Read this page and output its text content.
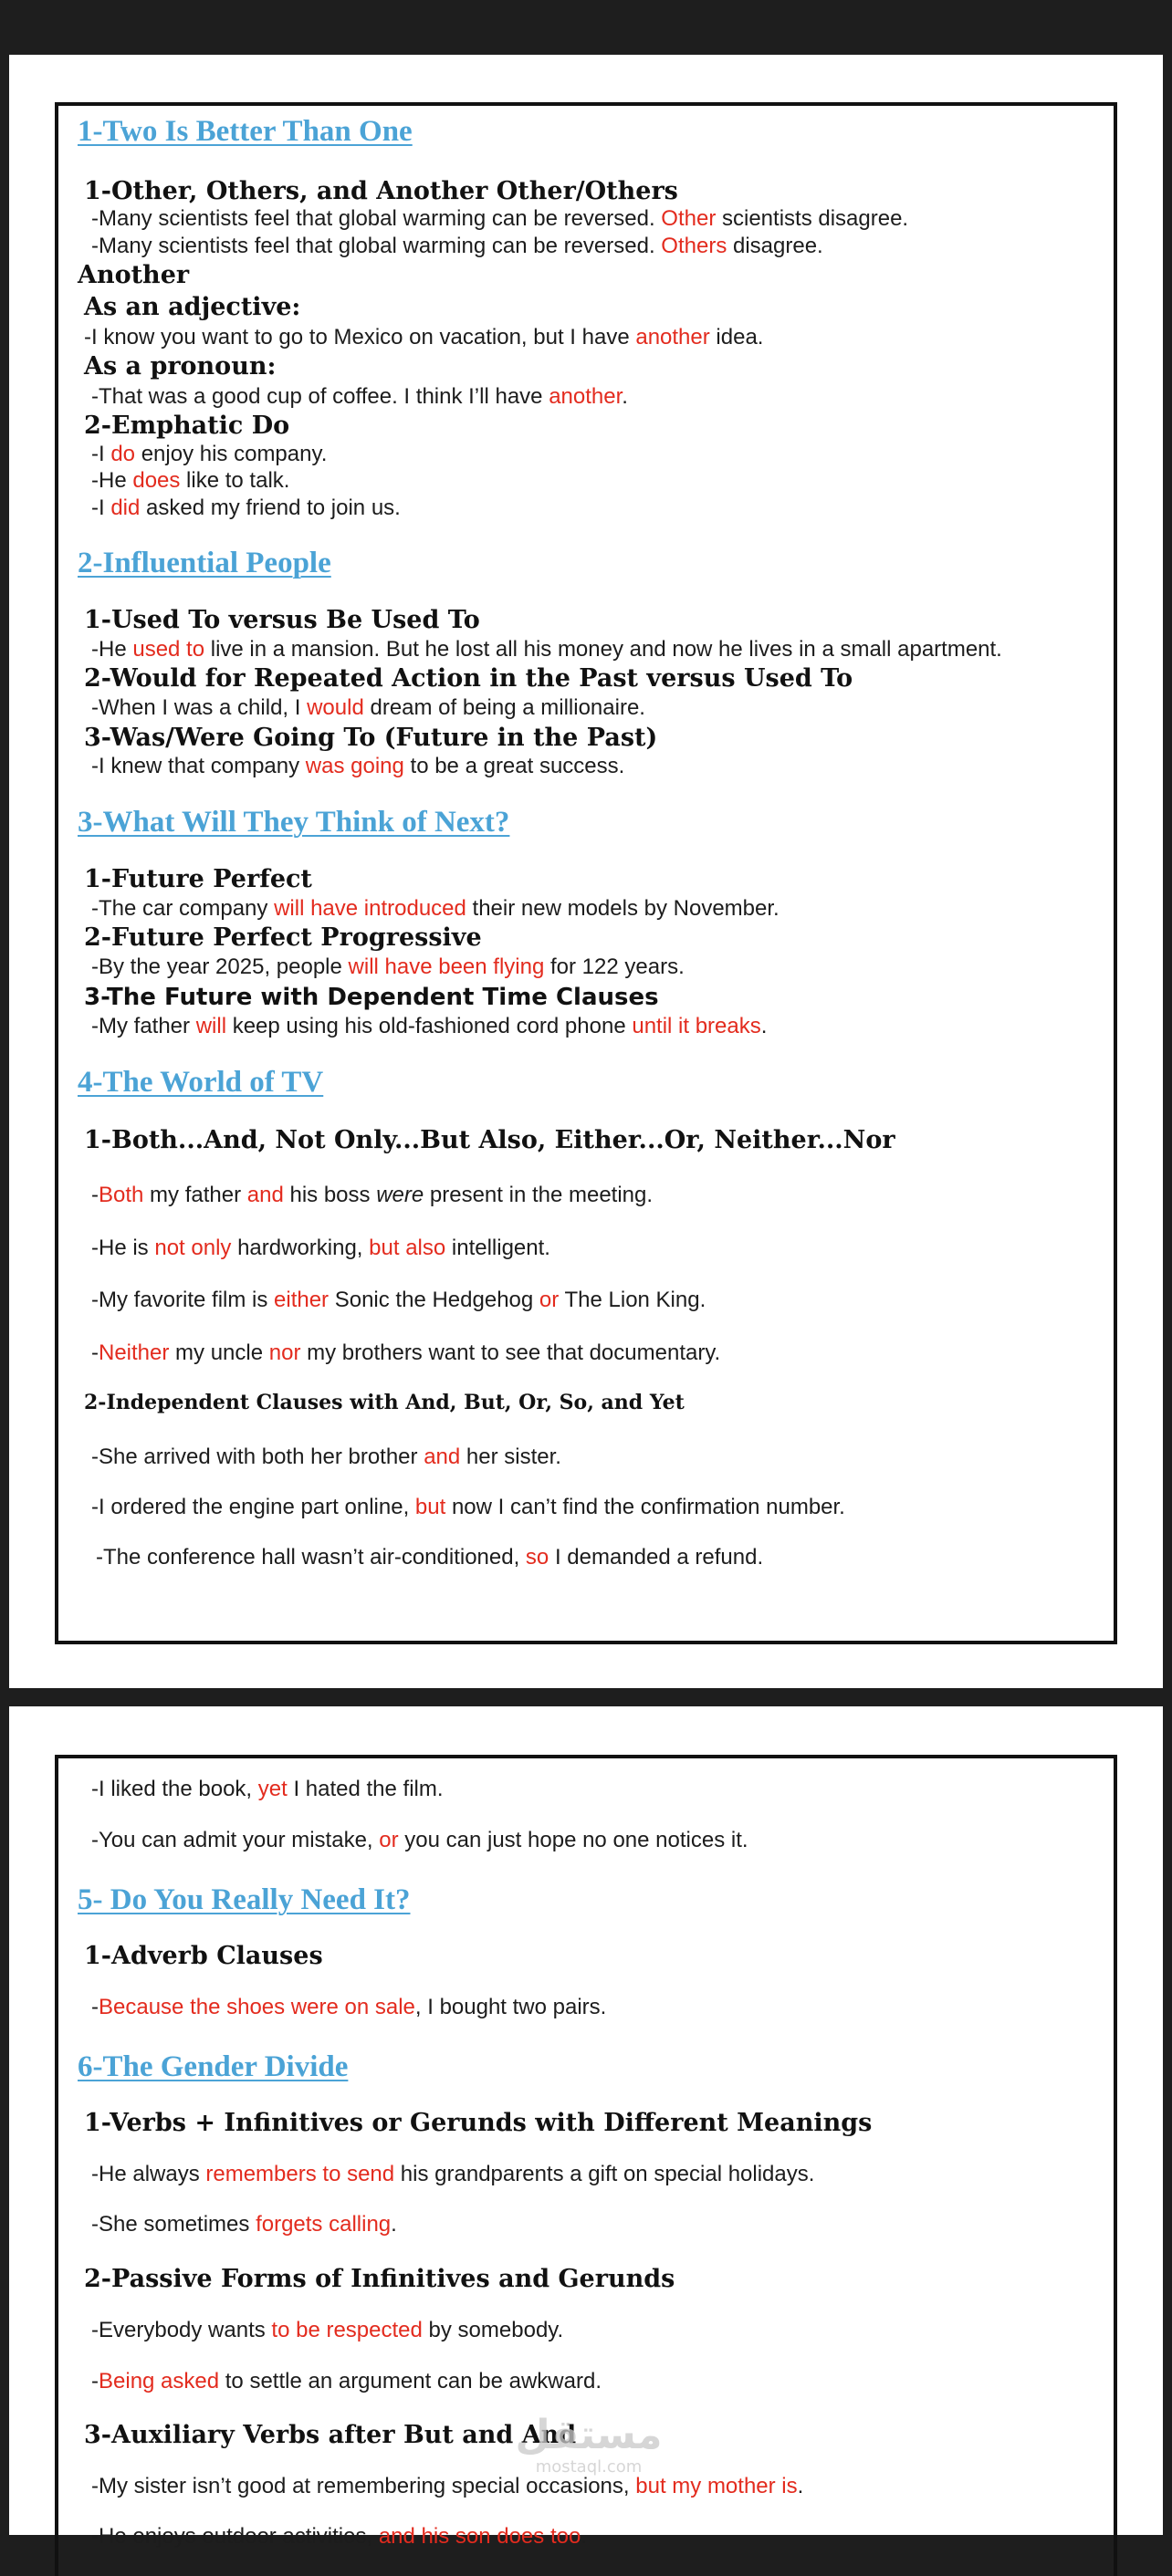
1-Two Is Better Than One
1-Other, Others, and Another Other/Others
-Many scientists feel that global warming can be reversed. Other scientists disagree.
-Many scientists feel that global warming can be reversed. Others disagree.
Another
As an adjective:
-I know you want to go to Mexico on vacation, but I have another idea.
As a pronoun:
-That was a good cup of coffee. I think I’ll have another.
2-Emphatic Do
-I do enjoy his company.
-He does like to talk.
-I did asked my friend to join us.
2-Influential People
1-Used To versus Be Used To
-He used to live in a mansion. But he lost all his money and now he lives in a small apartment.
2-Would for Repeated Action in the Past versus Used To
-When I was a child, I would dream of being a millionaire.
3-Was/Were Going To (Future in the Past)
-I knew that company was going to be a great success.
3-What Will They Think of Next?
1-Future Perfect
-The car company will have introduced their new models by November.
2-Future Perfect Progressive
-By the year 2025, people will have been flying for 122 years.
3-The Future with Dependent Time Clauses
-My father will keep using his old-fashioned cord phone until it breaks.
4-The World of TV
1-Both...And, Not Only...But Also, Either...Or, Neither...Nor
-Both my father and his boss were present in the meeting.
-He is not only hardworking, but also intelligent.
-My favorite film is either Sonic the Hedgehog or The Lion King.
-Neither my uncle nor my brothers want to see that documentary.
2-Independent Clauses with And, But, Or, So, and Yet
-She arrived with both her brother and her sister.
-I ordered the engine part online, but now I can’t find the confirmation number.
-The conference hall wasn’t air-conditioned, so I demanded a refund.
-I liked the book, yet I hated the film.
-You can admit your mistake, or you can just hope no one notices it.
5- Do You Really Need It?
1-Adverb Clauses
-Because the shoes were on sale, I bought two pairs.
6-The Gender Divide
1-Verbs + Infinitives or Gerunds with Different Meanings
-He always remembers to send his grandparents a gift on special holidays.
-She sometimes forgets calling.
2-Passive Forms of Infinitives and Gerunds
-Everybody wants to be respected by somebody.
-Being asked to settle an argument can be awkward.
3-Auxiliary Verbs after But and And
-My sister isn’t good at remembering special occasions, but my mother is.
-He enjoys outdoor activities, and his son does too.
مستقل
mostaql.com
